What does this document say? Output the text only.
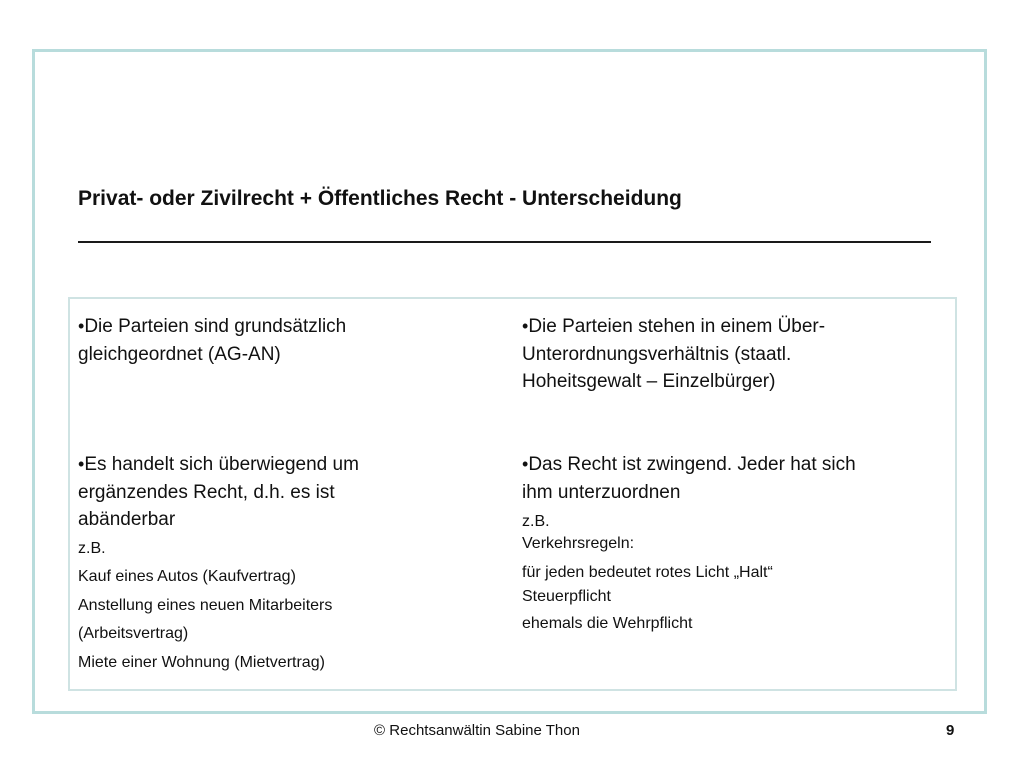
Privat- oder Zivilrecht + Öffentliches Recht - Unterscheidung

•Die Parteien sind grundsätzlich

gleichgeordnet (AG-AN)

•Es handelt sich überwiegend um

ergänzendes Recht, d.h. es ist

abänderbar

z.B.

Kauf eines Autos (Kaufvertrag)

Anstellung eines neuen Mitarbeiters

(Arbeitsvertrag)

Miete einer Wohnung (Mietvertrag)

•Die Parteien stehen in einem Über-

Unterordnungsverhältnis (staatl.

Hoheitsgewalt – Einzelbürger)

•Das Recht ist zwingend. Jeder hat sich

ihm unterzuordnen

z.B.

Verkehrsregeln:

für jeden bedeutet rotes Licht „Halt“

Steuerpflicht

ehemals die Wehrpflicht

© Rechtsanwältin Sabine Thon	9
